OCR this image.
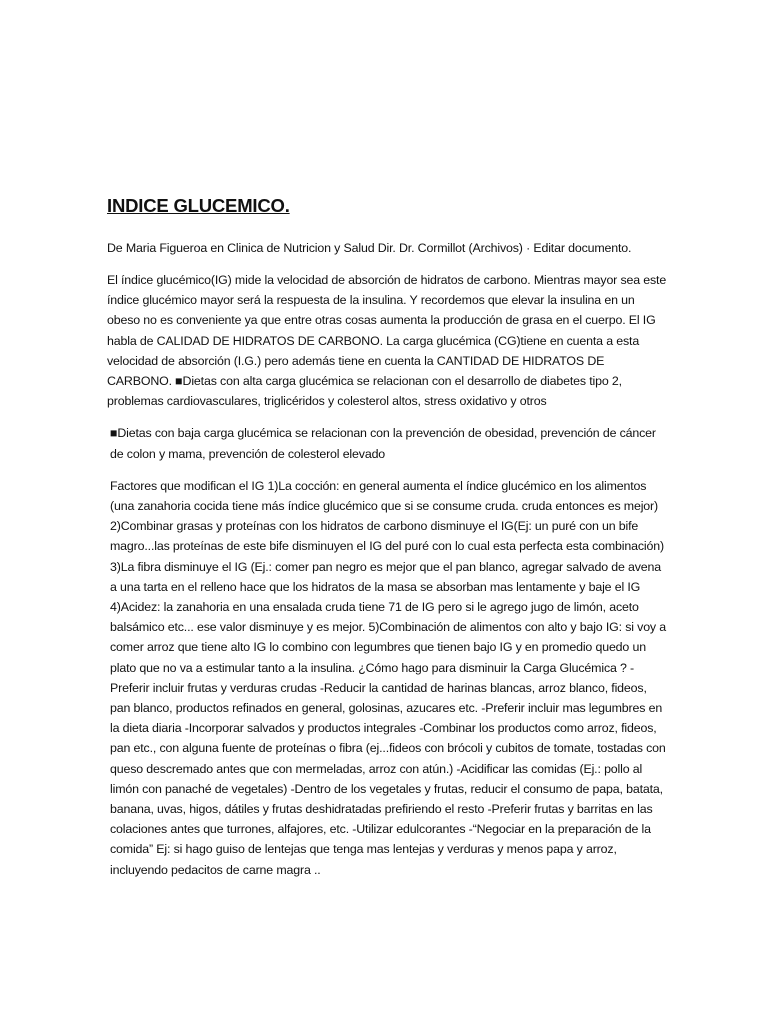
INDICE GLUCEMICO.

De Maria Figueroa en Clinica de Nutricion y Salud Dir. Dr. Cormillot (Archivos) · Editar documento.

El índice glucémico(IG) mide la velocidad de absorción de hidratos de carbono. Mientras mayor sea este índice glucémico mayor será la respuesta de la insulina. Y recordemos que elevar la insulina en un obeso no es conveniente ya que entre otras cosas aumenta la producción de grasa en el cuerpo. El IG habla de CALIDAD DE HIDRATOS DE CARBONO. La carga glucémica (CG)tiene en cuenta a esta velocidad de absorción (I.G.) pero además tiene en cuenta la CANTIDAD DE HIDRATOS DE CARBONO. ■Dietas con alta carga glucémica se relacionan con el desarrollo de diabetes tipo 2, problemas cardiovasculares, triglicéridos y colesterol altos, stress oxidativo y otros

■Dietas con baja carga glucémica se relacionan con la prevención de obesidad, prevención de cáncer de colon y mama, prevención de colesterol elevado

Factores que modifican el IG 1)La cocción: en general aumenta el índice glucémico en los alimentos (una zanahoria cocida tiene más índice glucémico que si se consume cruda. cruda entonces es mejor) 2)Combinar grasas y proteínas con los hidratos de carbono disminuye el IG(Ej: un puré con un bife magro...las proteínas de este bife disminuyen el IG del puré con lo cual esta perfecta esta combinación) 3)La fibra disminuye el IG (Ej.: comer pan negro es mejor que el pan blanco, agregar salvado de avena a una tarta en el relleno hace que los hidratos de la masa se absorban mas lentamente y baje el IG 4)Acidez: la zanahoria en una ensalada cruda tiene 71 de IG pero si le agrego jugo de limón, aceto balsámico etc... ese valor disminuye y es mejor. 5)Combinación de alimentos con alto y bajo IG: si voy a comer arroz que tiene alto IG lo combino con legumbres que tienen bajo IG y en promedio quedo un plato que no va a estimular tanto a la insulina. ¿Cómo hago para disminuir la Carga Glucémica ? -Preferir incluir frutas y verduras crudas -Reducir la cantidad de harinas blancas, arroz blanco, fideos, pan blanco, productos refinados en general, golosinas, azucares etc. -Preferir incluir mas legumbres en la dieta diaria -Incorporar salvados y productos integrales -Combinar los productos como arroz, fideos, pan etc., con alguna fuente de proteínas o fibra (ej...fideos con brócoli y cubitos de tomate, tostadas con queso descremado antes que con mermeladas, arroz con atún.) -Acidificar las comidas (Ej.: pollo al limón con panaché de vegetales) -Dentro de los vegetales y frutas, reducir el consumo de papa, batata, banana, uvas, higos, dátiles y frutas deshidratadas prefiriendo el resto -Preferir frutas y barritas en las colaciones antes que turrones, alfajores, etc. -Utilizar edulcorantes -“Negociar en la preparación de la comida” Ej: si hago guiso de lentejas que tenga mas lentejas y verduras y menos papa y arroz, incluyendo pedacitos de carne magra ..
